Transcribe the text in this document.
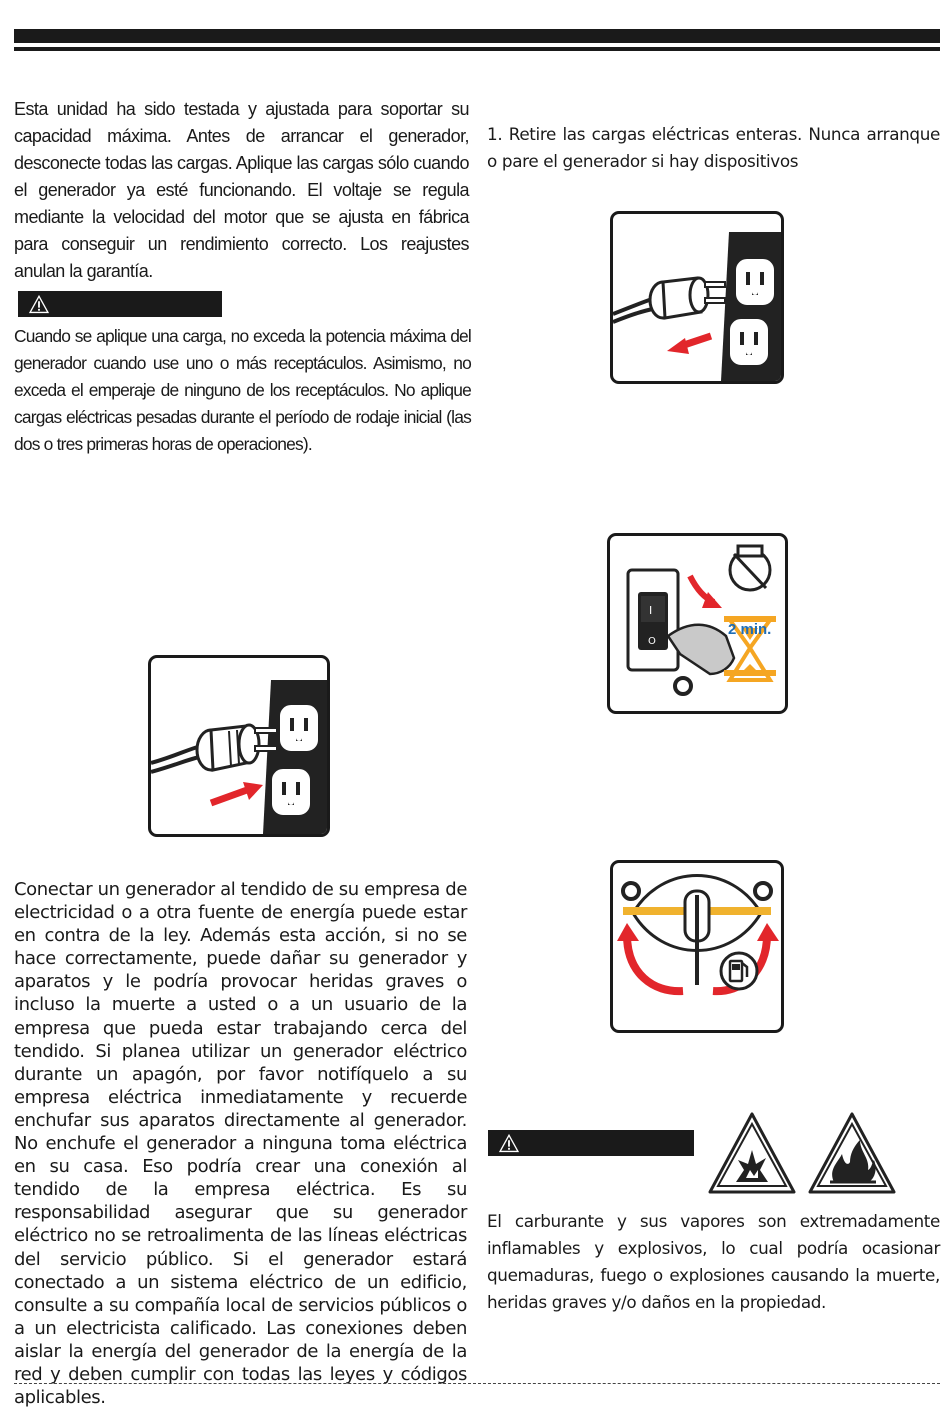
Esta unidad ha sido testada y ajustada para soportar su capacidad máxima. Antes de arrancar el generador, desconecte todas las cargas. Aplique las cargas sólo cuando el generador ya esté funcionando. El voltaje se regula mediante la velocidad del motor que se ajusta en fábrica para conseguir un rendimiento correcto. Los reajustes anulan la garantía.

Cuando se aplique una carga, no exceda la potencia máxima del generador cuando use uno o más receptáculos. Asimismo, no exceda el emperaje de ninguno de los receptáculos. No aplique cargas eléctricas pesadas durante el período de rodaje inicial (las dos o tres primeras horas de operaciones).

Conectar un generador al tendido de su empresa de electricidad o a otra fuente de energía puede estar en contra de la ley. Además esta acción, si no se hace correctamente, puede dañar su generador y aparatos y le podría provocar heridas graves o incluso la muerte a usted o a un usuario de la empresa que pueda estar trabajando cerca del tendido. Si planea utilizar un generador eléctrico durante un apagón, por favor notifíquelo a su empresa eléctrica inmediatamente y recuerde enchufar sus aparatos directamente al generador. No enchufe el generador a ninguna toma eléctrica en su casa. Eso podría crear una conexión al tendido de la empresa eléctrica. Es su responsabilidad asegurar que su generador eléctrico no se retroalimenta de las líneas eléctricas del servicio público. Si el generador estará conectado a un sistema eléctrico de un edificio, consulte a su compañía local de servicios públicos o a un electricista calificado. Las conexiones deben aislar la energía del generador de la energía de la red y deben cumplir con todas las leyes y códigos aplicables.

1. Retire las cargas eléctricas enteras. Nunca arranque o pare el generador si hay dispositivos

I
O
2 min.

El carburante y sus vapores son extremadamente inflamables y explosivos, lo cual podría ocasionar quemaduras, fuego o explosiones causando la muerte, heridas graves y/o daños en la propiedad.
